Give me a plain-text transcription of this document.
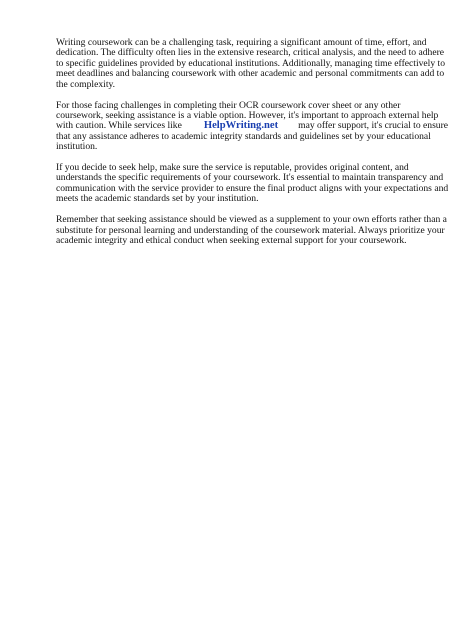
Writing coursework can be a challenging task, requiring a significant amount of time, effort, and dedication. The difficulty often lies in the extensive research, critical analysis, and the need to adhere to specific guidelines provided by educational institutions. Additionally, managing time effectively to meet deadlines and balancing coursework with other academic and personal commitments can add to the complexity.

For those facing challenges in completing their OCR coursework cover sheet or any other coursework, seeking assistance is a viable option. However, it's important to approach external help with caution. While services like HelpWriting.net may offer support, it's crucial to ensure that any assistance adheres to academic integrity standards and guidelines set by your educational institution.

If you decide to seek help, make sure the service is reputable, provides original content, and understands the specific requirements of your coursework. It's essential to maintain transparency and communication with the service provider to ensure the final product aligns with your expectations and meets the academic standards set by your institution.

Remember that seeking assistance should be viewed as a supplement to your own efforts rather than a substitute for personal learning and understanding of the coursework material. Always prioritize your academic integrity and ethical conduct when seeking external support for your coursework.
